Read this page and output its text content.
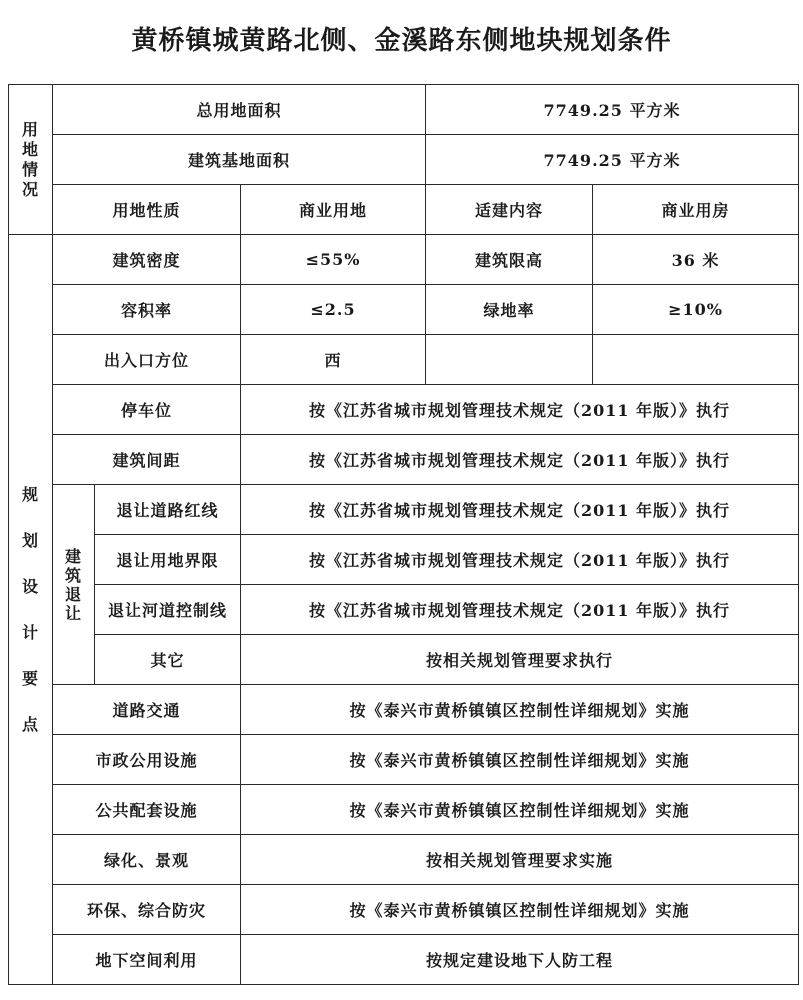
黄桥镇城黄路北侧、金溪路东侧地块规划条件
用地情况	总用地面积			7749.25 平方米	
	建筑基地面积			7749.25 平方米	
	用地性质		商业用地	适建内容	商业用房
规划设计要点	建筑密度		≤55%	建筑限高	36 米
	容积率		≤2.5	绿地率	≥10%
	出入口方位		西		
	停车位		按《江苏省城市规划管理技术规定（2011 年版）》执行		
	建筑间距		按《江苏省城市规划管理技术规定（2011 年版）》执行		
	建筑退让	退让道路红线	按《江苏省城市规划管理技术规定（2011 年版）》执行		
		退让用地界限	按《江苏省城市规划管理技术规定（2011 年版）》执行		
		退让河道控制线	按《江苏省城市规划管理技术规定（2011 年版）》执行		
		其它	按相关规划管理要求执行		
	道路交通		按《泰兴市黄桥镇镇区控制性详细规划》实施		
	市政公用设施		按《泰兴市黄桥镇镇区控制性详细规划》实施		
	公共配套设施		按《泰兴市黄桥镇镇区控制性详细规划》实施		
	绿化、景观		按相关规划管理要求实施		
	环保、综合防灾		按《泰兴市黄桥镇镇区控制性详细规划》实施		
	地下空间利用		按规定建设地下人防工程		
